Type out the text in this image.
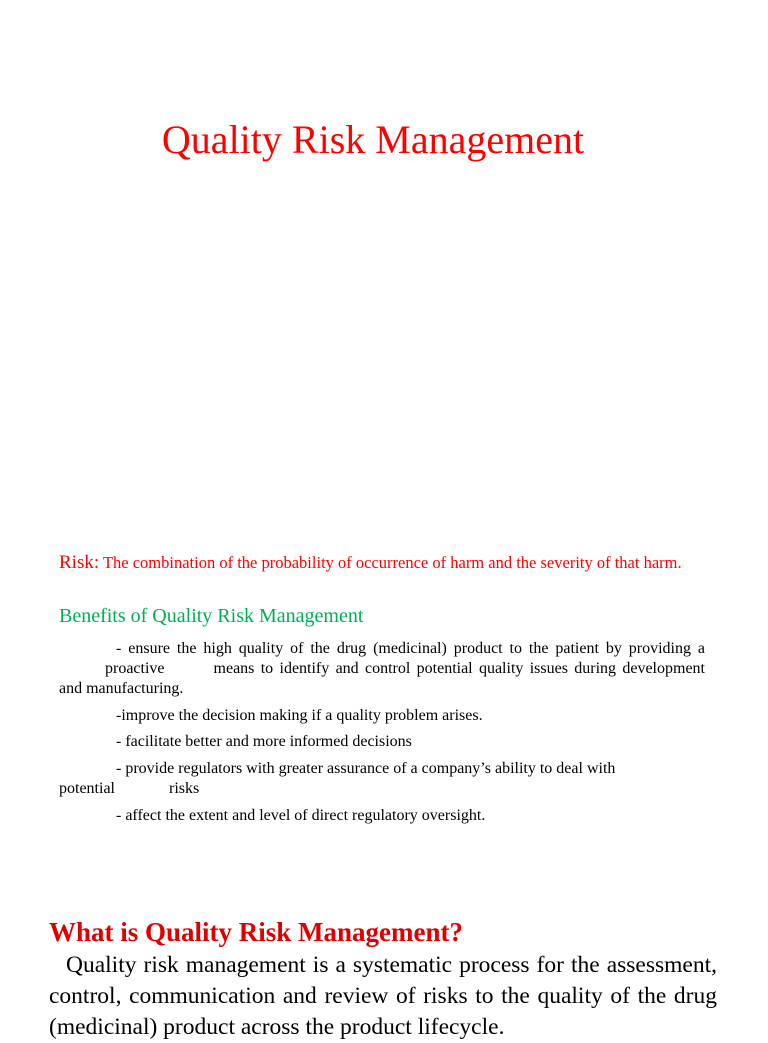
Quality Risk Management
Risk: The combination of the probability of occurrence of harm and the severity of that harm.
Benefits of Quality Risk Management
- ensure the high quality of the drug (medicinal) product to the patient by providing aproactive	means to identify and control potential quality issues during development and manufacturing.
-improve the decision making if a quality problem arises.
- facilitate better and more informed decisions
- provide regulators with greater assurance of a company’s ability to deal with
potential	risks
- affect the extent and level of direct regulatory oversight.
What is Quality Risk Management?
Quality risk management is a systematic process for the assessment, control, communication and review of risks to the quality of the drug (medicinal) product across the product lifecycle.
